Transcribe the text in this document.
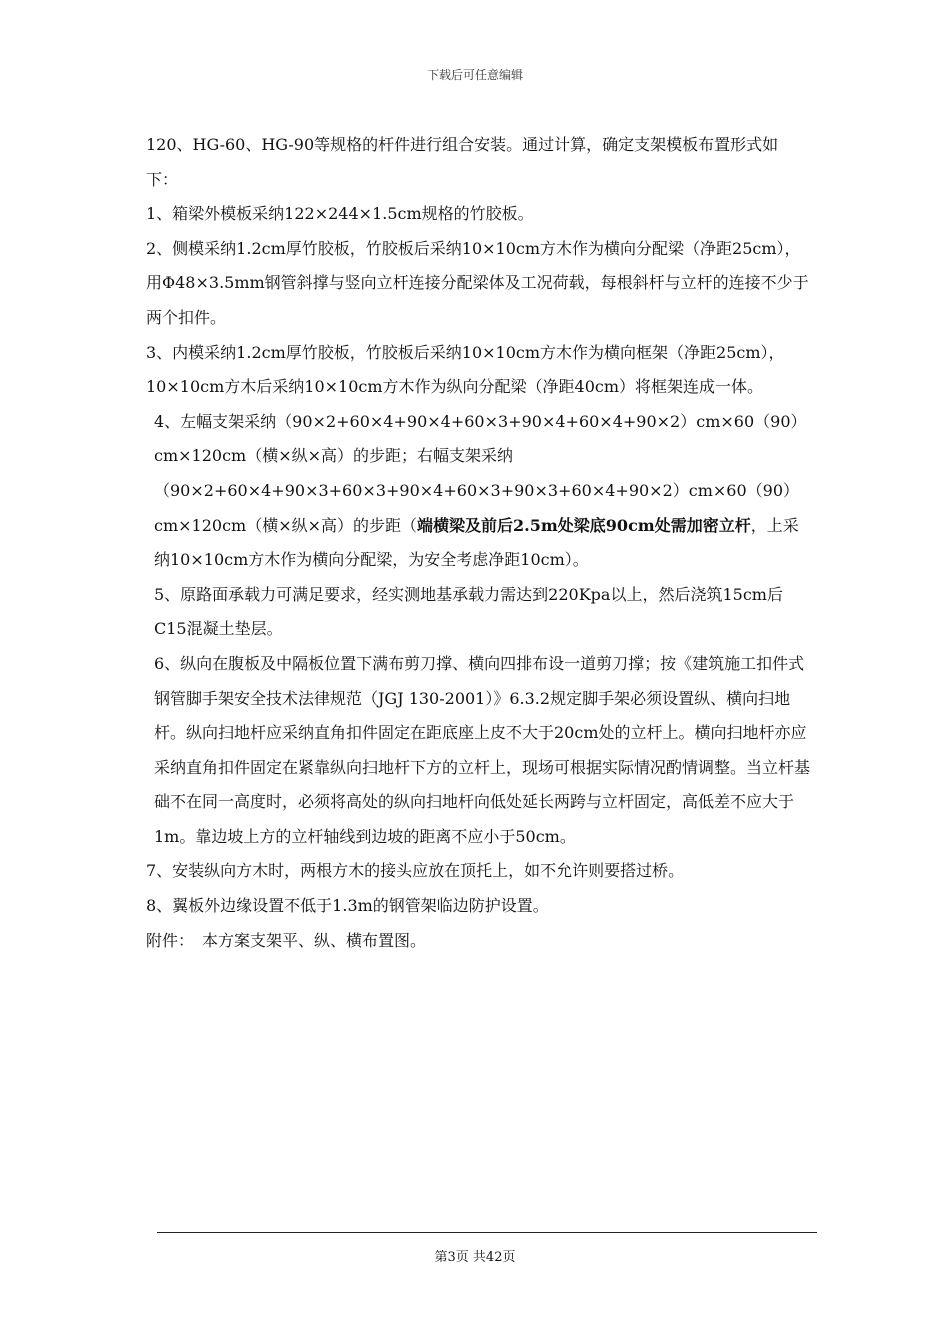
下载后可任意编辑

120、HG-60、HG-90等规格的杆件进行组合安装。通过计算，确定支架模板布置形式如下：

1、箱梁外模板采纳122×244×1.5cm规格的竹胶板。

2、侧模采纳1.2cm厚竹胶板，竹胶板后采纳10×10cm方木作为横向分配梁（净距25cm），用Φ48×3.5mm钢管斜撑与竖向立杆连接分配梁体及工况荷载，每根斜杆与立杆的连接不少于两个扣件。

3、内模采纳1.2cm厚竹胶板，竹胶板后采纳10×10cm方木作为横向框架（净距25cm），10×10cm方木后采纳10×10cm方木作为纵向分配梁（净距40cm）将框架连成一体。

4、左幅支架采纳（90×2+60×4+90×4+60×3+90×4+60×4+90×2）cm×60（90）cm×120cm（横×纵×高）的步距；右幅支架采纳（90×2+60×4+90×3+60×3+90×4+60×3+90×3+60×4+90×2）cm×60（90）cm×120cm（横×纵×高）的步距（端横梁及前后2.5m处梁底90cm处需加密立杆，上采纳10×10cm方木作为横向分配梁，为安全考虑净距10cm）。

5、原路面承载力可满足要求，经实测地基承载力需达到220Kpa以上，然后浇筑15cm后C15混凝土垫层。

6、纵向在腹板及中隔板位置下满布剪刀撑、横向四排布设一道剪刀撑；按《建筑施工扣件式钢管脚手架安全技术法律规范（JGJ 130-2001）》6.3.2规定脚手架必须设置纵、横向扫地杆。纵向扫地杆应采纳直角扣件固定在距底座上皮不大于20cm处的立杆上。横向扫地杆亦应采纳直角扣件固定在紧靠纵向扫地杆下方的立杆上，现场可根据实际情况酌情调整。当立杆基础不在同一高度时，必须将高处的纵向扫地杆向低处延长两跨与立杆固定，高低差不应大于1m。靠边坡上方的立杆轴线到边坡的距离不应小于50cm。

7、安装纵向方木时，两根方木的接头应放在顶托上，如不允许则要搭过桥。

8、翼板外边缘设置不低于1.3m的钢管架临边防护设置。

附件：　本方案支架平、纵、横布置图。

第3页 共42页
